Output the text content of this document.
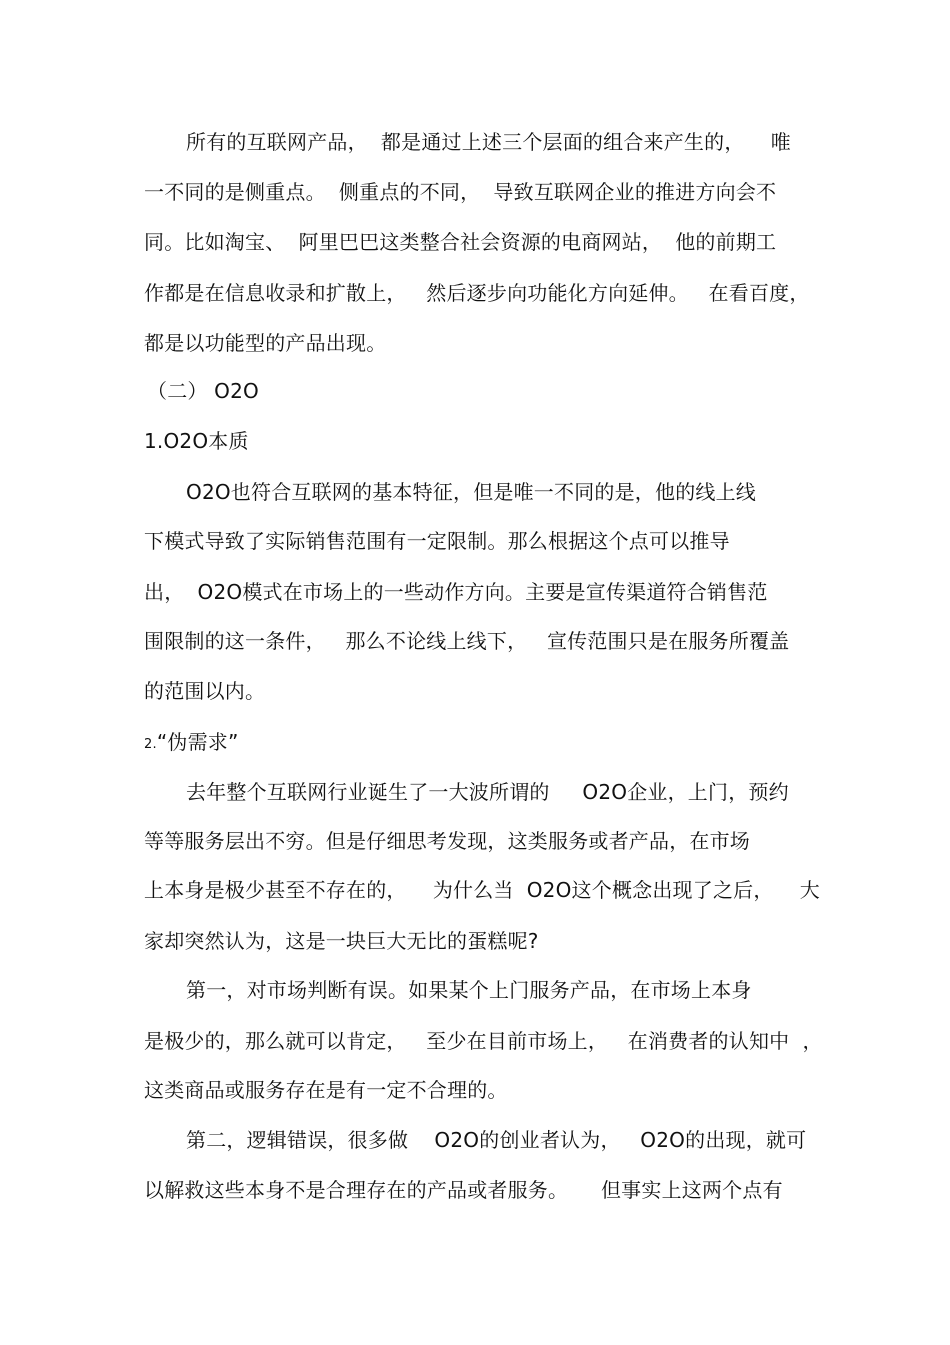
所有的互联网产品，  都是通过上述三个层面的组合来产生的，    唯
一不同的是侧重点。  侧重点的不同，  导致互联网企业的推进方向会不
同。比如淘宝、  阿里巴巴这类整合社会资源的电商网站，  他的前期工
作都是在信息收录和扩散上，   然后逐步向功能化方向延伸。   在看百度，
都是以功能型的产品出现。
（二） O2O
1.O2O本质
O2O也符合互联网的基本特征，但是唯一不同的是，他的线上线
下模式导致了实际销售范围有一定限制。那么根据这个点可以推导
出，  O2O模式在市场上的一些动作方向。主要是宣传渠道符合销售范
围限制的这一条件，   那么不论线上线下，   宣传范围只是在服务所覆盖
的范围以内。
2.“伪需求”
去年整个互联网行业诞生了一大波所谓的     O2O企业，上门，预约
等等服务层出不穷。但是仔细思考发现，这类服务或者产品，在市场
上本身是极少甚至不存在的，    为什么当  O2O这个概念出现了之后，    大
家却突然认为，这是一块巨大无比的蛋糕呢?
第一，对市场判断有误。如果某个上门服务产品，在市场上本身
是极少的，那么就可以肯定，   至少在目前市场上，   在消费者的认知中  ，
这类商品或服务存在是有一定不合理的。
第二，逻辑错误，很多做    O2O的创业者认为，   O2O的出现，就可
以解救这些本身不是合理存在的产品或者服务。     但事实上这两个点有
